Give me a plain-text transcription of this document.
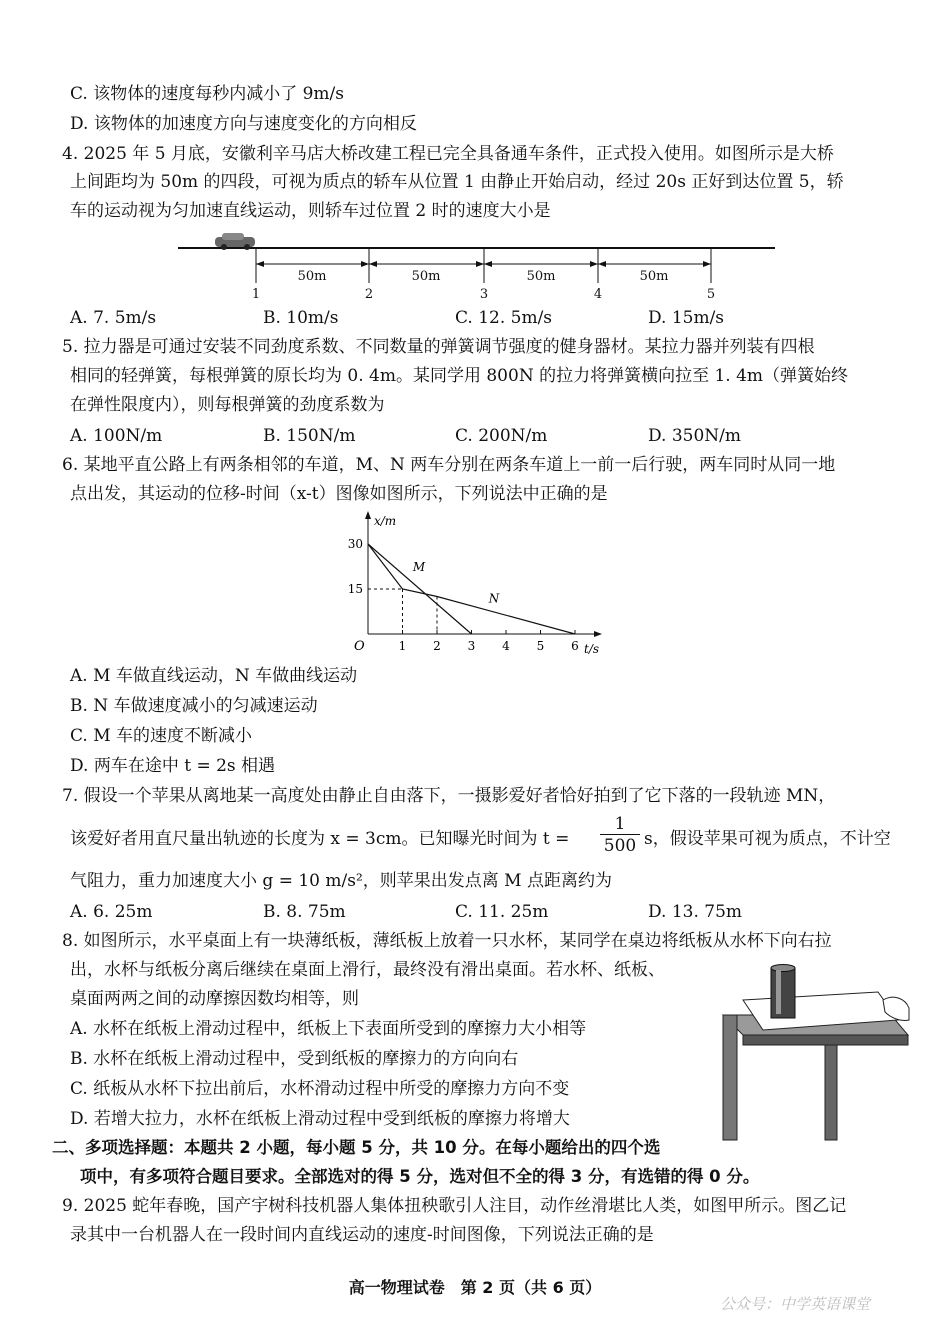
C. 该物体的速度每秒内减小了 9m/s
D. 该物体的加速度方向与速度变化的方向相反
4. 2025 年 5 月底，安徽利辛马店大桥改建工程已完全具备通车条件，正式投入使用。如图所示是大桥
上间距均为 50m 的四段，可视为质点的轿车从位置 1 由静止开始启动，经过 20s 正好到达位置 5，轿
车的运动视为匀加速直线运动，则轿车过位置 2 时的速度大小是
50m	50m	50m	50m
1	2	3	4	5
A. 7. 5m/s	B. 10m/s	C. 12. 5m/s	D. 15m/s
5. 拉力器是可通过安装不同劲度系数、不同数量的弹簧调节强度的健身器材。某拉力器并列装有四根
相同的轻弹簧，每根弹簧的原长均为 0. 4m。某同学用 800N 的拉力将弹簧横向拉至 1. 4m（弹簧始终
在弹性限度内），则每根弹簧的劲度系数为
A. 100N/m	B. 150N/m	C. 200N/m	D. 350N/m
6. 某地平直公路上有两条相邻的车道，M、N 两车分别在两条车道上一前一后行驶，两车同时从同一地
点出发，其运动的位移-时间（x-t）图像如图所示，下列说法中正确的是
x/m
t/s
O	1 2 3 4 5 6
15
30
M
N
A. M 车做直线运动，N 车做曲线运动
B. N 车做速度减小的匀减速运动
C. M 车的速度不断减小
D. 两车在途中 t = 2s 相遇
7. 假设一个苹果从离地某一高度处由静止自由落下，一摄影爱好者恰好拍到了它下落的一段轨迹 MN，
该爱好者用直尺量出轨迹的长度为 x = 3cm。已知曝光时间为 $t = \frac{1}{500}$ s，假设苹果可视为质点，不计空
气阻力，重力加速度大小 g = 10 m/s²，则苹果出发点离 M 点距离约为
A. 6. 25m	B. 8. 75m	C. 11. 25m	D. 13. 75m
8. 如图所示，水平桌面上有一块薄纸板，薄纸板上放着一只水杯，某同学在桌边将纸板从水杯下向右拉
出，水杯与纸板分离后继续在桌面上滑行，最终没有滑出桌面。若水杯、纸板、
桌面两两之间的动摩擦因数均相等，则
A. 水杯在纸板上滑动过程中，纸板上下表面所受到的摩擦力大小相等
B. 水杯在纸板上滑动过程中，受到纸板的摩擦力的方向向右
C. 纸板从水杯下拉出前后，水杯滑动过程中所受的摩擦力方向不变
D. 若增大拉力，水杯在纸板上滑动过程中受到纸板的摩擦力将增大
二、多项选择题：本题共 2 小题，每小题 5 分，共 10 分。在每小题给出的四个选
项中，有多项符合题目要求。全部选对的得 5 分，选对但不全的得 3 分，有选错的得 0 分。
9. 2025 蛇年春晚，国产宇树科技机器人集体扭秧歌引人注目，动作丝滑堪比人类，如图甲所示。图乙记
录其中一台机器人在一段时间内直线运动的速度-时间图像，下列说法正确的是
高一物理试卷　第 2 页（共 6 页）
公众号：中学英语课堂
